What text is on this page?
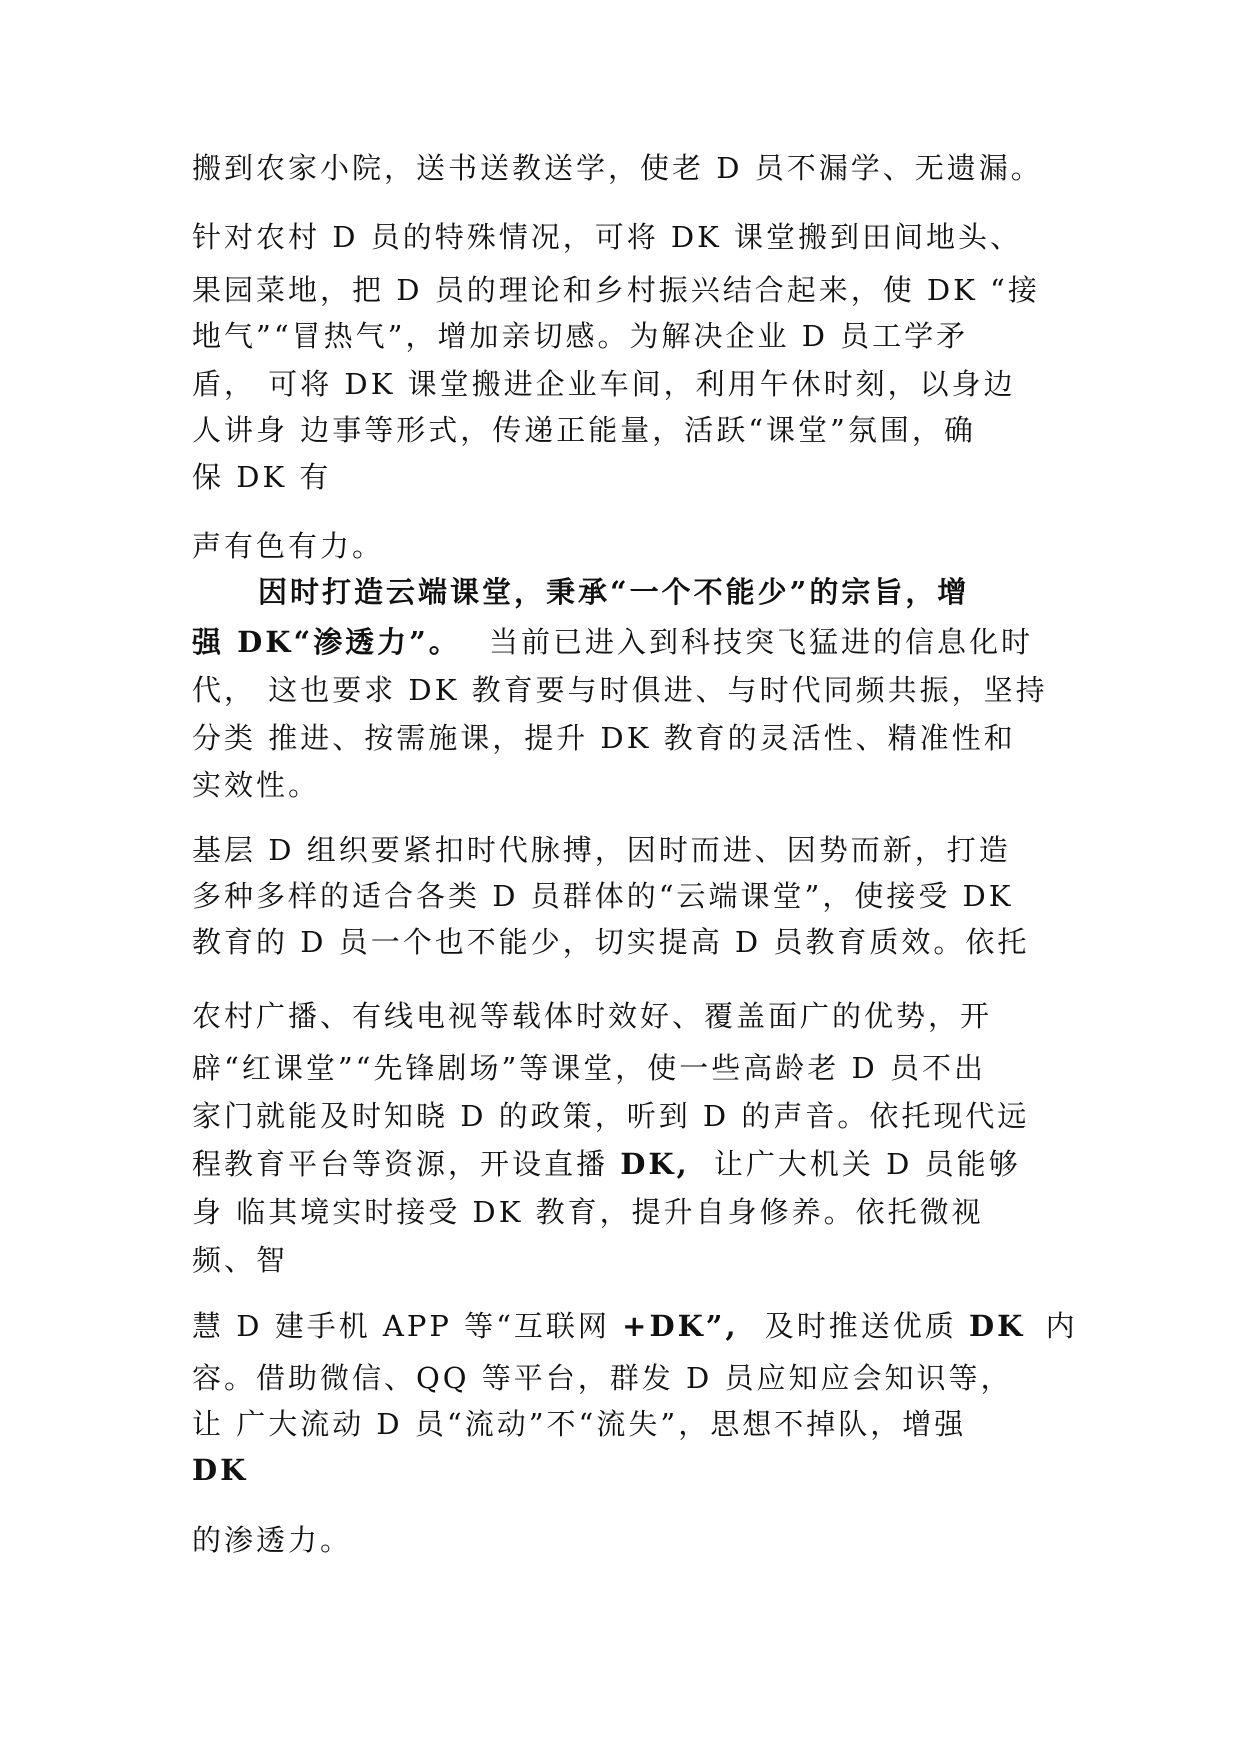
搬到农家小院，送书送教送学，使老 D 员不漏学、无遗漏。
针对农村 D 员的特殊情况，可将 DK 课堂搬到田间地头、
果园菜地，把 D 员的理论和乡村振兴结合起来，使 DK “接
地气”“冒热气”，增加亲切感。为解决企业 D 员工学矛
盾， 可将 DK 课堂搬进企业车间，利用午休时刻，以身边
人讲身 边事等形式，传递正能量，活跃“课堂”氛围，确
保 DK 有
声有色有力。
因时打造云端课堂，秉承“一个不能少”的宗旨，增
强 DK“渗透力”。 当前已进入到科技突飞猛进的信息化时
代， 这也要求 DK 教育要与时俱进、与时代同频共振，坚持
分类 推进、按需施课，提升 DK 教育的灵活性、精准性和
实效性。
基层 D 组织要紧扣时代脉搏，因时而进、因势而新，打造
多种多样的适合各类 D 员群体的“云端课堂”，使接受 DK
教育的 D 员一个也不能少，切实提高 D 员教育质效。依托
农村广播、有线电视等载体时效好、覆盖面广的优势，开
辟“红课堂”“先锋剧场”等课堂，使一些高龄老 D 员不出
家门就能及时知晓 D 的政策，听到 D 的声音。依托现代远
程教育平台等资源，开设直播 DK, 让广大机关 D 员能够
身 临其境实时接受 DK 教育，提升自身修养。依托微视
频、智
慧 D 建手机 APP 等“互联网 +DK”, 及时推送优质 DK 内
容。借助微信、QQ 等平台，群发 D 员应知应会知识等，
让 广大流动 D 员“流动”不“流失”，思想不掉队，增强
DK
的渗透力。
